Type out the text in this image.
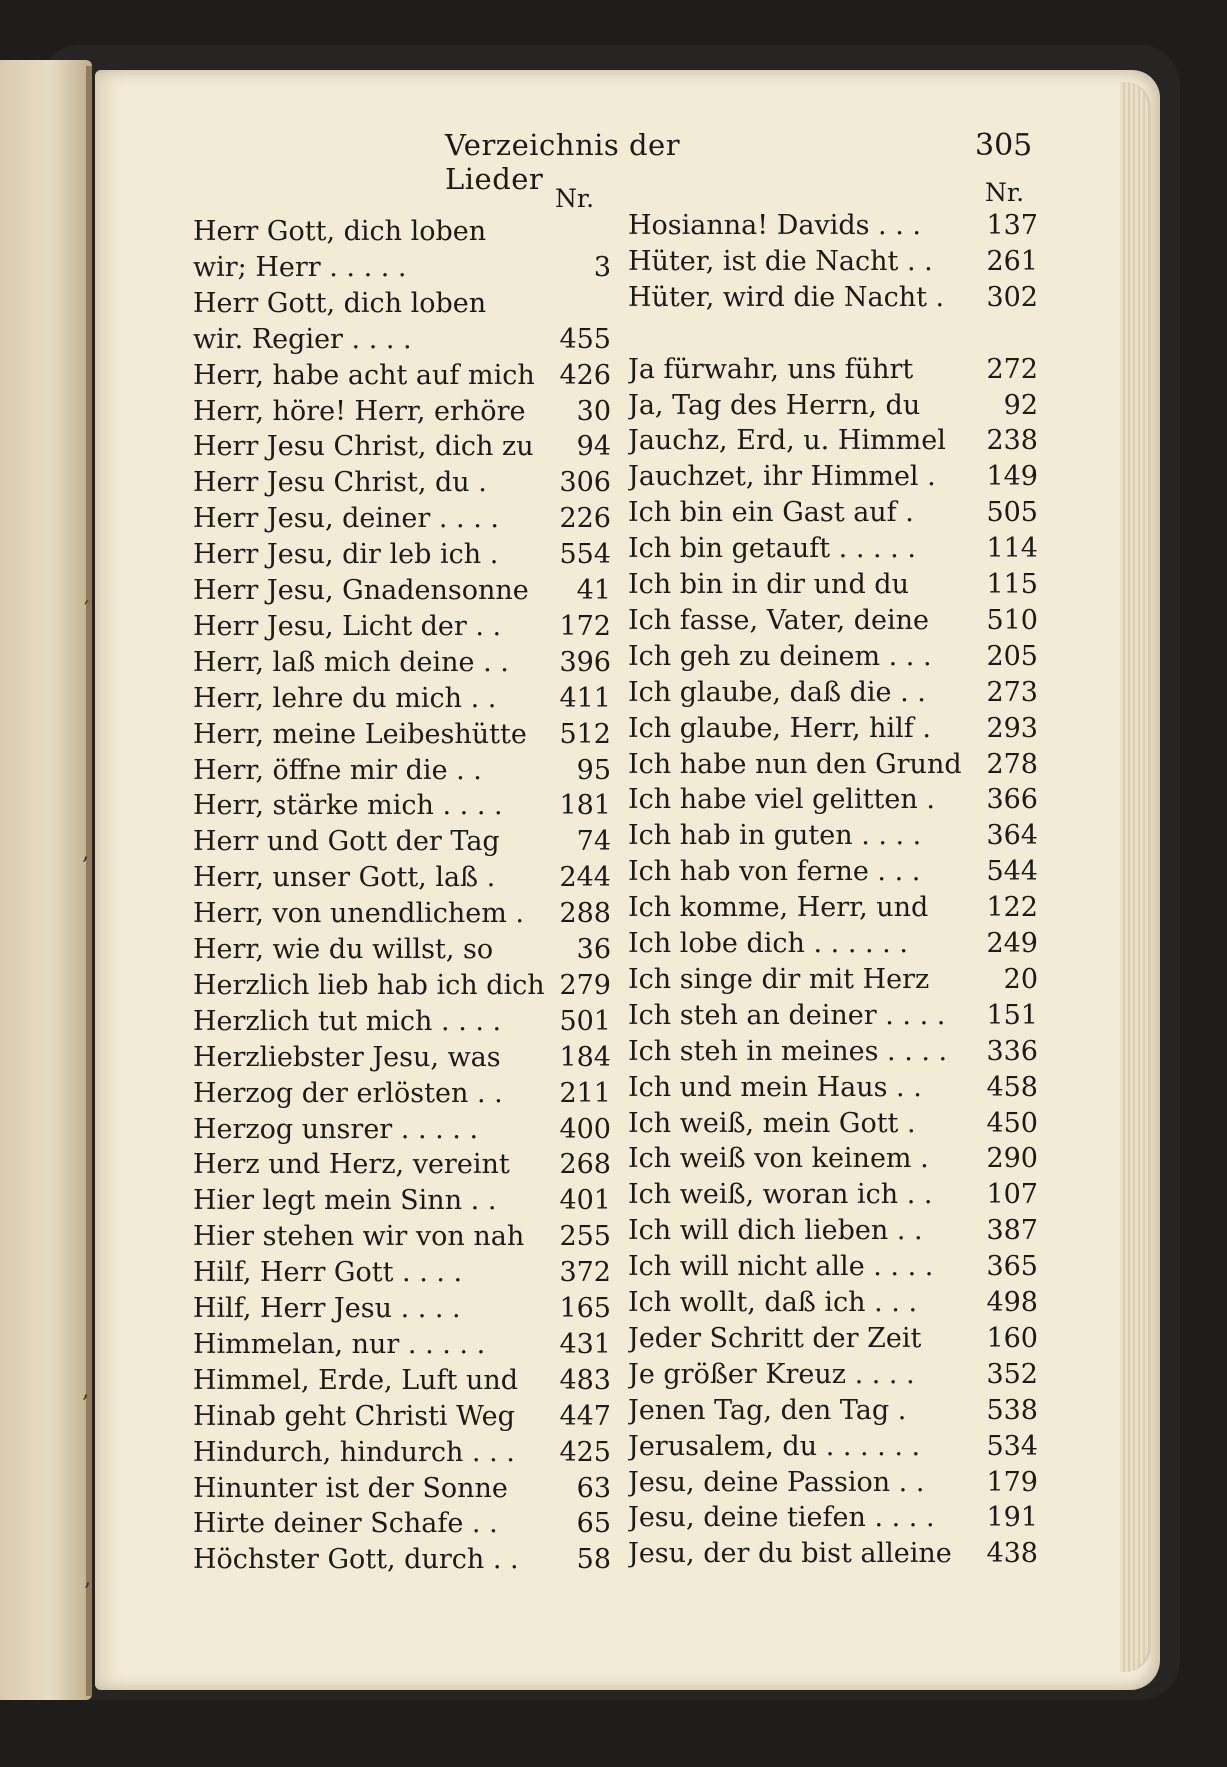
Verzeichnis der Lieder
305
Nr.	Nr.
′
‚
‚
‚
Herr Gott, dich loben
wir; Herr . . . . .	3
Herr Gott, dich loben
wir. Regier . . . .	455
Herr, habe acht auf mich 426
Herr, höre! Herr, erhöre 30
Herr Jesu Christ, dich zu 94
Herr Jesu Christ, du .	306
Herr Jesu, deiner . . . . 226
Herr Jesu, dir leb ich . 554
Herr Jesu, Gnadensonne 41
Herr Jesu, Licht der . . 172
Herr, laß mich deine . . 396
Herr, lehre du mich . . 411
Herr, meine Leibeshütte 512
Herr, öffne mir die . .	95
Herr, stärke mich . . . . 181
Herr und Gott der Tag	74
Herr, unser Gott, laß . 244
Herr, von unendlichem . 288
Herr, wie du willst, so	36
Herzlich lieb hab ich dich 279
Herzlich tut mich . . . . 501
Herzliebster Jesu, was 184
Herzog der erlösten . . 211
Herzog unsrer . . . . .	400
Herz und Herz, vereint 268
Hier legt mein Sinn . . 401
Hier stehen wir von nah 255
Hilf, Herr Gott . . . .	372
Hilf, Herr Jesu . . . .	165
Himmelan, nur . . . . .	431
Himmel, Erde, Luft und 483
Hinab geht Christi Weg 447
Hindurch, hindurch . . . 425
Hinunter ist der Sonne	63
Hirte deiner Schafe . .	65
Höchster Gott, durch . . 58
Hosianna! Davids . . . 137
Hüter, ist die Nacht . . 261
Hüter, wird die Nacht . 302
Ja fürwahr, uns führt	272
Ja, Tag des Herrn, du	92
Jauchz, Erd, u. Himmel 238
Jauchzet, ihr Himmel . 149
Ich bin ein Gast auf .	505
Ich bin getauft . . . . .	114
Ich bin in dir und du	115
Ich fasse, Vater, deine 510
Ich geh zu deinem . . . 205
Ich glaube, daß die . . 273
Ich glaube, Herr, hilf . 293
Ich habe nun den Grund 278
Ich habe viel gelitten . 366
Ich hab in guten . . . . 364
Ich hab von ferne . . . 544
Ich komme, Herr, und 122
Ich lobe dich . . . . . .	249
Ich singe dir mit Herz	20
Ich steh an deiner . . . . 151
Ich steh in meines . . . . 336
Ich und mein Haus . . 458
Ich weiß, mein Gott .	450
Ich weiß von keinem . 290
Ich weiß, woran ich . . 107
Ich will dich lieben . . 387
Ich will nicht alle . . . . 365
Ich wollt, daß ich . . .	498
Jeder Schritt der Zeit 160
Je größer Kreuz . . . .	352
Jenen Tag, den Tag .	538
Jerusalem, du . . . . . . 534
Jesu, deine Passion . . 179
Jesu, deine tiefen . . . . 191
Jesu, der du bist alleine 438
